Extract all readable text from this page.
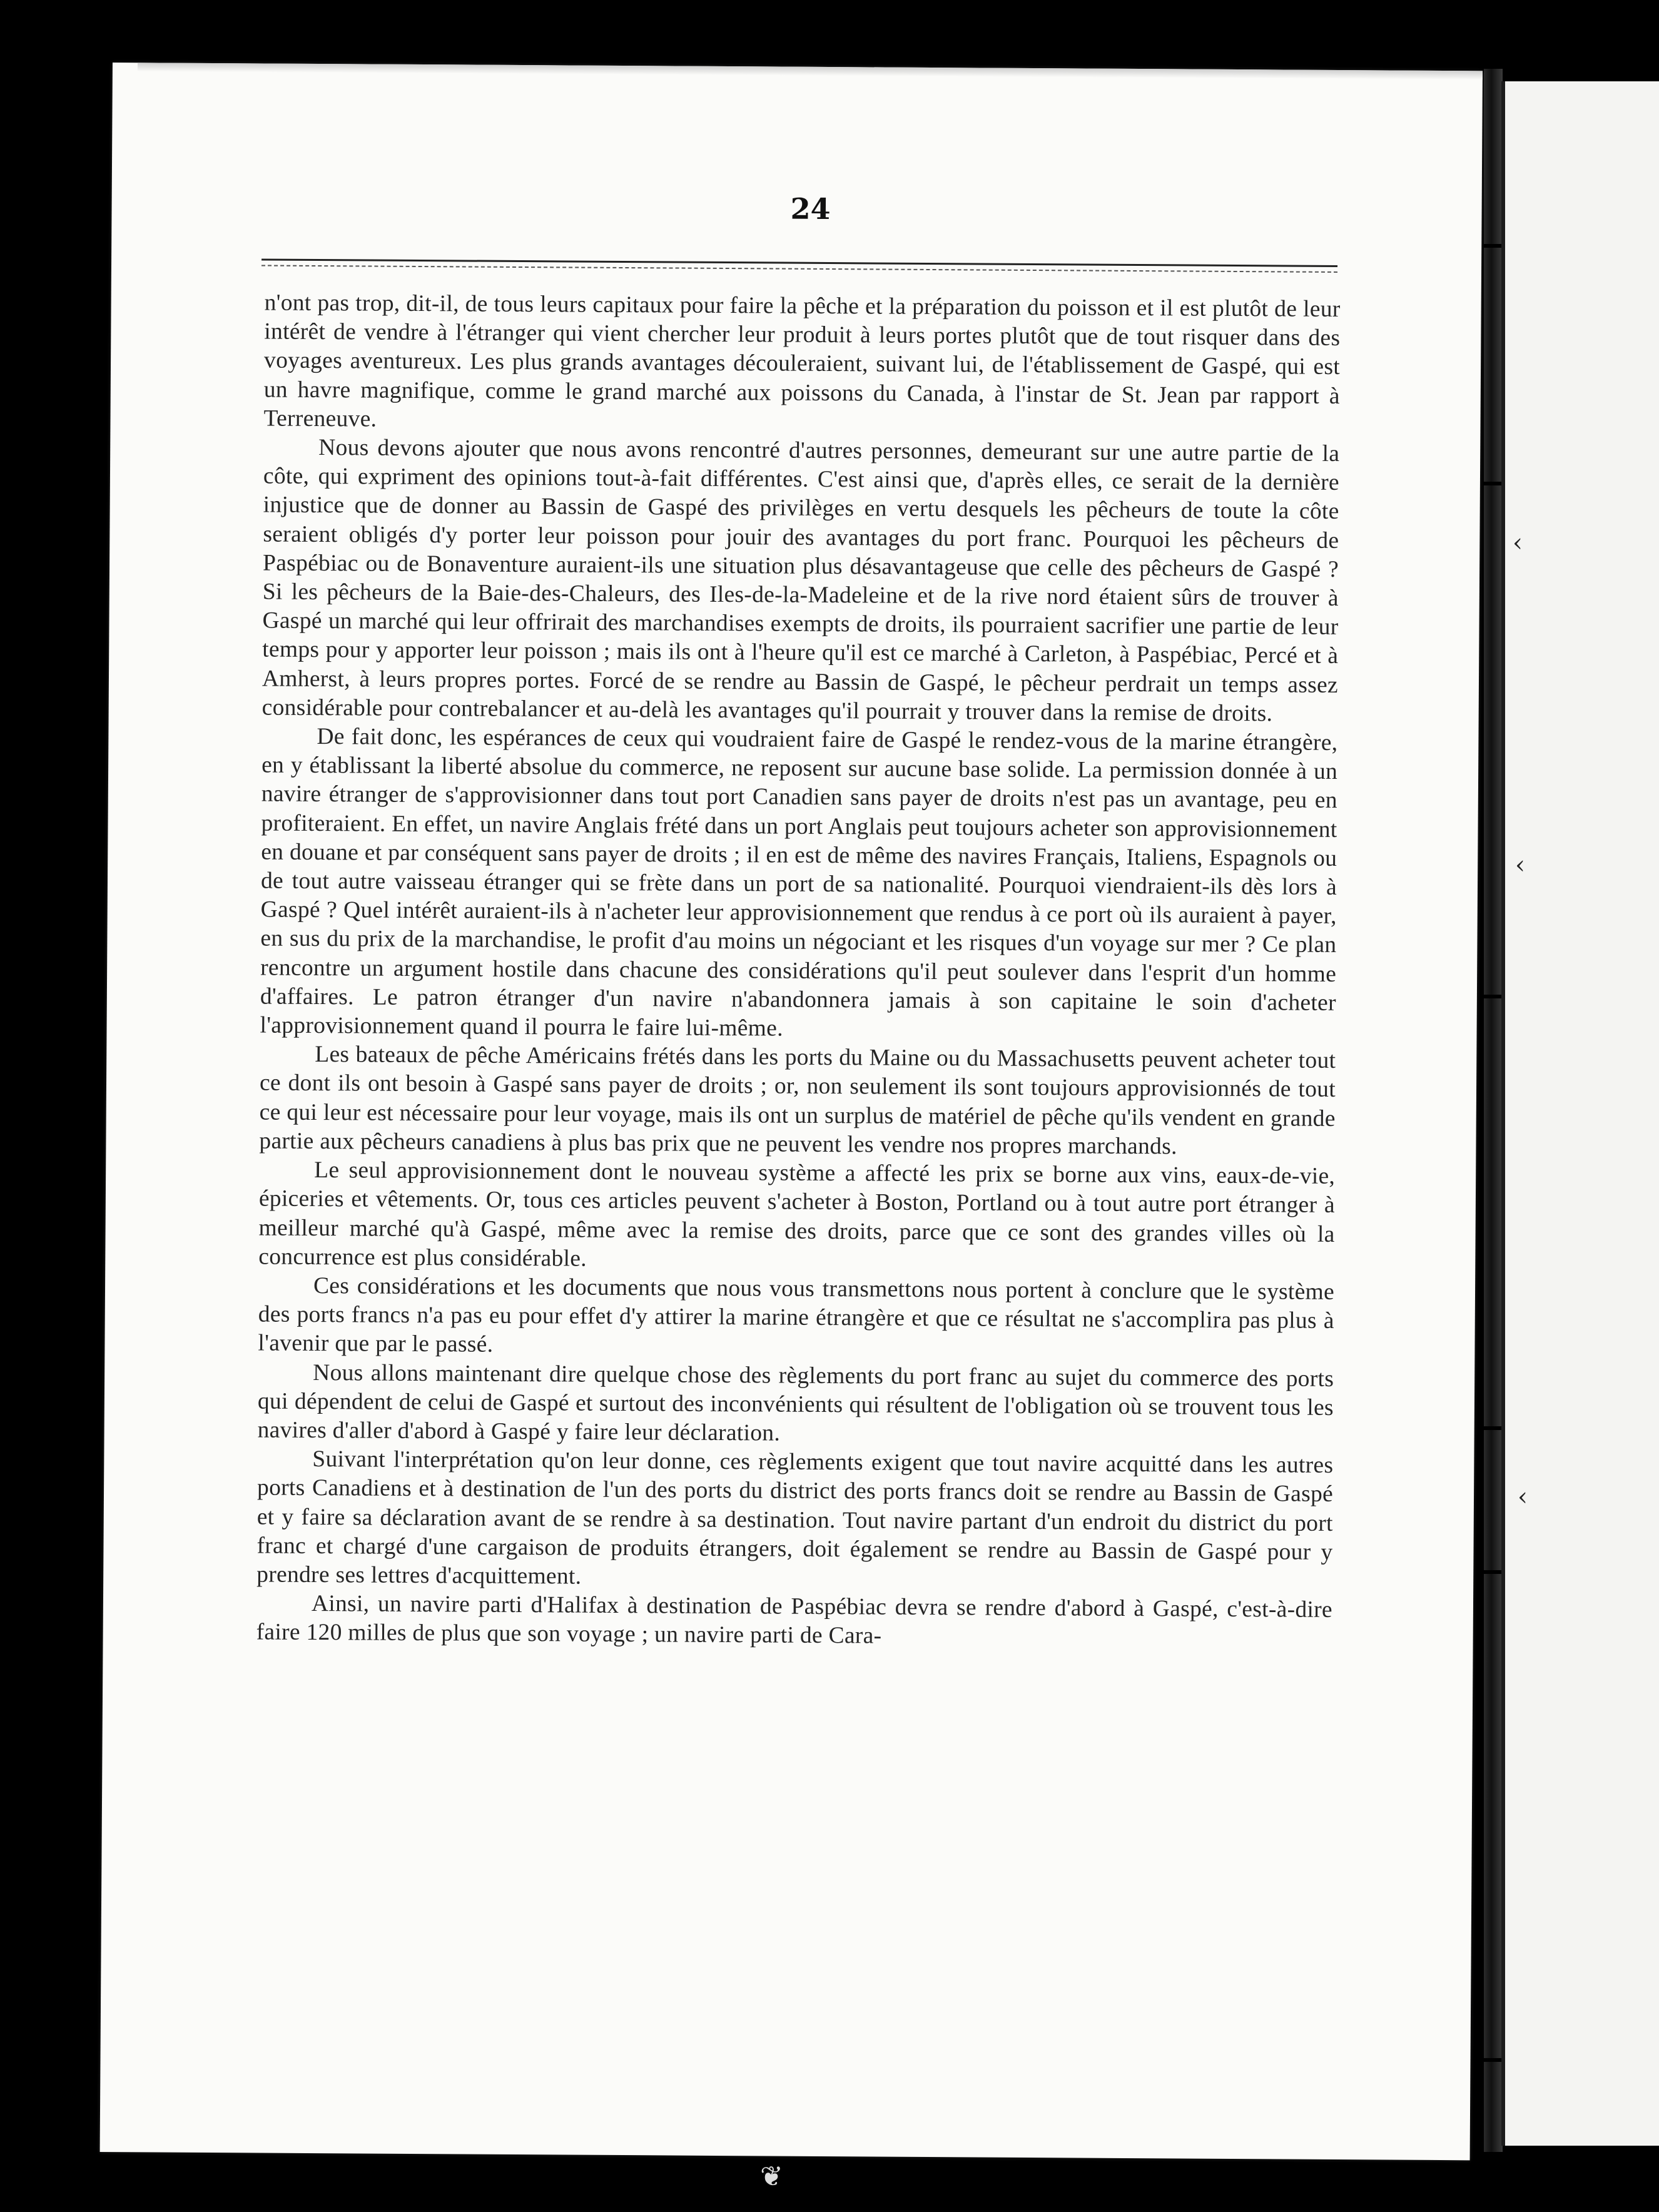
‹
‹
‹
24

n'ont pas trop, dit-il, de tous leurs capitaux pour faire la pêche et la préparation du poisson et il est plutôt de leur intérêt de vendre à l'étranger qui vient chercher leur produit à leurs portes plutôt que de tout risquer dans des voyages aventureux. Les plus grands avantages découleraient, suivant lui, de l'établissement de Gaspé, qui est un havre magnifique, comme le grand marché aux poissons du Canada, à l'instar de St. Jean par rapport à Terreneuve.

Nous devons ajouter que nous avons rencontré d'autres personnes, demeurant sur une autre partie de la côte, qui expriment des opinions tout-à-fait différentes. C'est ainsi que, d'après elles, ce serait de la dernière injustice que de donner au Bassin de Gaspé des privilèges en vertu desquels les pêcheurs de toute la côte seraient obligés d'y porter leur poisson pour jouir des avantages du port franc. Pourquoi les pêcheurs de Paspébiac ou de Bonaventure auraient-ils une situation plus désavantageuse que celle des pêcheurs de Gaspé ? Si les pêcheurs de la Baie-des-Chaleurs, des Iles-de-la-Madeleine et de la rive nord étaient sûrs de trouver à Gaspé un marché qui leur offrirait des marchandises exempts de droits, ils pourraient sacrifier une partie de leur temps pour y apporter leur poisson ; mais ils ont à l'heure qu'il est ce marché à Carleton, à Paspébiac, Percé et à Amherst, à leurs propres portes. Forcé de se rendre au Bassin de Gaspé, le pêcheur perdrait un temps assez considérable pour contrebalancer et au-delà les avantages qu'il pourrait y trouver dans la remise de droits.

De fait donc, les espérances de ceux qui voudraient faire de Gaspé le rendez-vous de la marine étrangère, en y établissant la liberté absolue du commerce, ne reposent sur aucune base solide. La permission donnée à un navire étranger de s'approvisionner dans tout port Canadien sans payer de droits n'est pas un avantage, peu en profiteraient. En effet, un navire Anglais frété dans un port Anglais peut toujours acheter son approvisionnement en douane et par conséquent sans payer de droits ; il en est de même des navires Français, Italiens, Espagnols ou de tout autre vaisseau étranger qui se frète dans un port de sa nationalité. Pourquoi viendraient-ils dès lors à Gaspé ? Quel intérêt auraient-ils à n'acheter leur approvisionnement que rendus à ce port où ils auraient à payer, en sus du prix de la marchandise, le profit d'au moins un négociant et les risques d'un voyage sur mer ? Ce plan rencontre un argument hostile dans chacune des considérations qu'il peut soulever dans l'esprit d'un homme d'affaires. Le patron étranger d'un navire n'abandonnera jamais à son capitaine le soin d'acheter l'approvisionnement quand il pourra le faire lui-même.

Les bateaux de pêche Américains frétés dans les ports du Maine ou du Massachusetts peuvent acheter tout ce dont ils ont besoin à Gaspé sans payer de droits ; or, non seulement ils sont toujours approvisionnés de tout ce qui leur est nécessaire pour leur voyage, mais ils ont un surplus de matériel de pêche qu'ils vendent en grande partie aux pêcheurs canadiens à plus bas prix que ne peuvent les vendre nos propres marchands.

Le seul approvisionnement dont le nouveau système a affecté les prix se borne aux vins, eaux-de-vie, épiceries et vêtements. Or, tous ces articles peuvent s'acheter à Boston, Portland ou à tout autre port étranger à meilleur marché qu'à Gaspé, même avec la remise des droits, parce que ce sont des grandes villes où la concurrence est plus considérable.

Ces considérations et les documents que nous vous transmettons nous portent à conclure que le système des ports francs n'a pas eu pour effet d'y attirer la marine étrangère et que ce résultat ne s'accomplira pas plus à l'avenir que par le passé.

Nous allons maintenant dire quelque chose des règlements du port franc au sujet du commerce des ports qui dépendent de celui de Gaspé et surtout des inconvénients qui résultent de l'obligation où se trouvent tous les navires d'aller d'abord à Gaspé y faire leur déclaration.

Suivant l'interprétation qu'on leur donne, ces règlements exigent que tout navire acquitté dans les autres ports Canadiens et à destination de l'un des ports du district des ports francs doit se rendre au Bassin de Gaspé et y faire sa déclaration avant de se rendre à sa destination. Tout navire partant d'un endroit du district du port franc et chargé d'une cargaison de produits étrangers, doit également se rendre au Bassin de Gaspé pour y prendre ses lettres d'acquittement.

Ainsi, un navire parti d'Halifax à destination de Paspébiac devra se rendre d'abord à Gaspé, c'est-à-dire faire 120 milles de plus que son voyage ; un navire parti de Cara-

❦
